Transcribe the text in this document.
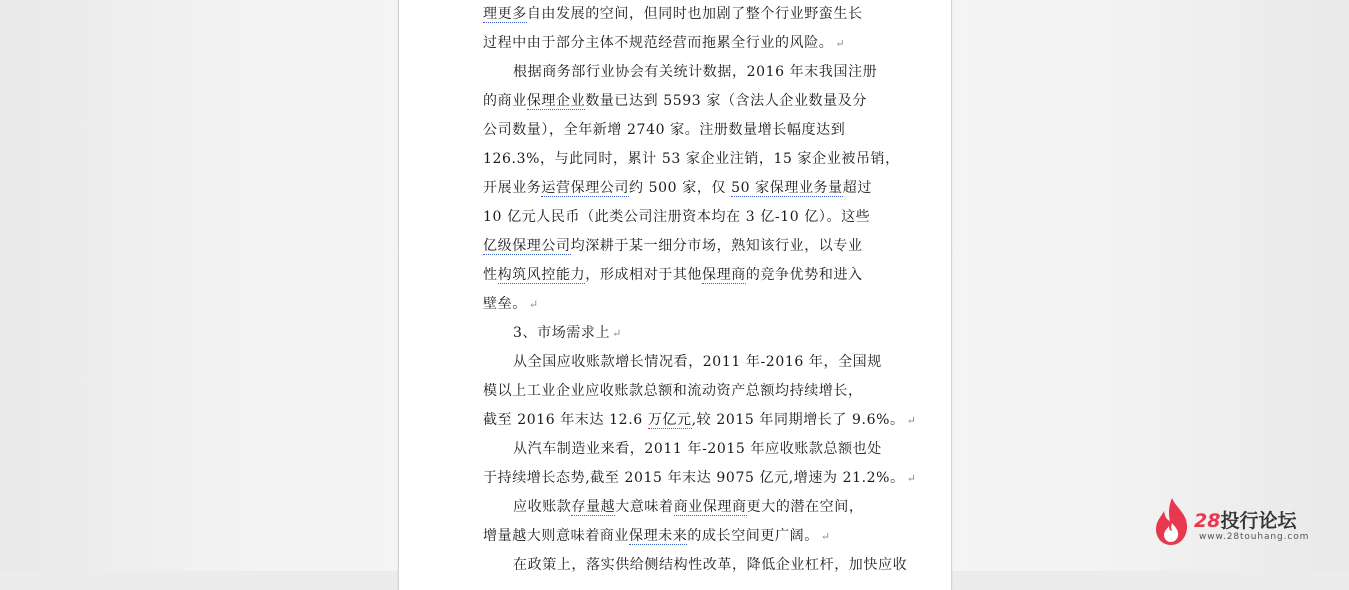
理更多自由发展的空间，但同时也加剧了整个行业野蛮生长
过程中由于部分主体不规范经营而拖累全行业的风险。 ↵
根据商务部行业协会有关统计数据，2016 年末我国注册
的商业保理企业数量已达到 5593 家（含法人企业数量及分
公司数量），全年新增 2740 家。注册数量增长幅度达到
126.3%，与此同时，累计 53 家企业注销，15 家企业被吊销，
开展业务运营保理公司约 500 家，仅 50 家保理业务量超过
10 亿元人民币（此类公司注册资本均在 3 亿-10 亿）。这些
亿级保理公司均深耕于某一细分市场，熟知该行业，以专业
性构筑风控能力，形成相对于其他保理商的竞争优势和进入
壁垒。 ↵
3、市场需求上 ↵
从全国应收账款增长情况看，2011 年-2016 年，全国规
模以上工业企业应收账款总额和流动资产总额均持续增长，
截至 2016 年末达 12.6 万亿元,较 2015 年同期增长了 9.6%。 ↵
从汽车制造业来看，2011 年-2015 年应收账款总额也处
于持续增长态势,截至 2015 年末达 9075 亿元,增速为 21.2%。 ↵
应收账款存量越大意味着商业保理商更大的潜在空间，
增量越大则意味着商业保理未来的成长空间更广阔。 ↵
在政策上，落实供给侧结构性改革，降低企业杠杆，加快应收
28投行论坛
www.28touhang.com
